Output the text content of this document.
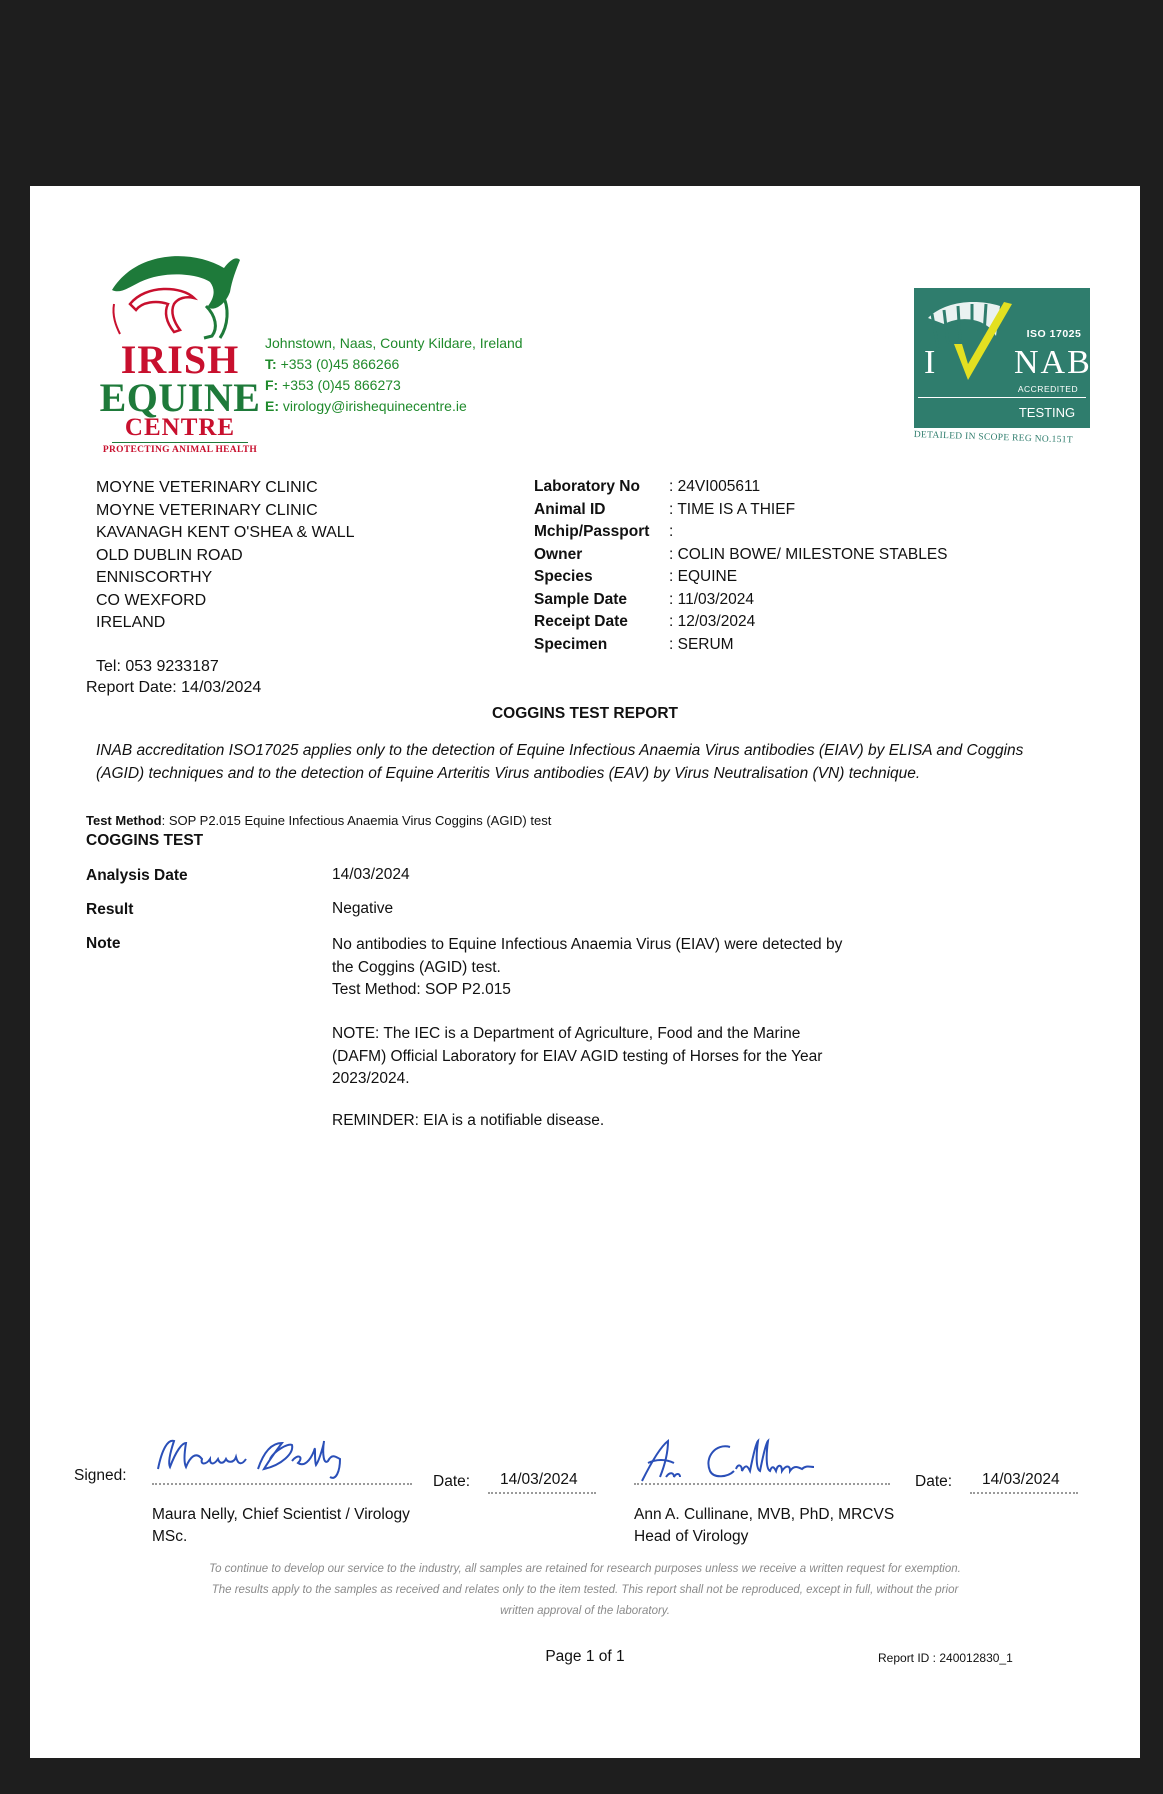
IRISH
EQUINE
CENTRE
PROTECTING ANIMAL HEALTH
Johnstown, Naas, County Kildare, Ireland
T: +353 (0)45 866266
F: +353 (0)45 866273
E: virology@irishequinecentre.ie
ISO 17025
I NAB
ACCREDITED
TESTING
DETAILED IN SCOPE REG NO.151T
MOYNE VETERINARY CLINIC
MOYNE VETERINARY CLINIC
KAVANAGH KENT O'SHEA & WALL
OLD DUBLIN ROAD
ENNISCORTHY
CO WEXFORD
IRELAND
Tel: 053 9233187
Report Date: 14/03/2024
Laboratory No : 24VI005611
Animal ID	: TIME IS A THIEF
Mchip/Passport :
Owner	: COLIN BOWE/ MILESTONE STABLES
Species	: EQUINE
Sample Date	: 11/03/2024
Receipt Date	: 12/03/2024
Specimen	: SERUM
COGGINS TEST REPORT
INAB accreditation ISO17025 applies only to the detection of Equine Infectious Anaemia Virus antibodies (EIAV) by ELISA and Coggins (AGID) techniques and to the detection of Equine Arteritis Virus antibodies (EAV) by Virus Neutralisation (VN) technique.
Test Method: SOP P2.015 Equine Infectious Anaemia Virus Coggins (AGID) test
COGGINS TEST
Analysis Date	14/03/2024
Result	Negative
Note	No antibodies to Equine Infectious Anaemia Virus (EIAV) were detected by
the Coggins (AGID) test.
Test Method: SOP P2.015
NOTE: The IEC is a Department of Agriculture, Food and the Marine
(DAFM) Official Laboratory for EIAV AGID testing of Horses for the Year
2023/2024.
REMINDER: EIA is a notifiable disease.
Signed:	Date: 14/03/2024
Maura Nelly, Chief Scientist / Virology
MSc.
Date: 14/03/2024
Ann A. Cullinane, MVB, PhD, MRCVS
Head of Virology
To continue to develop our service to the industry, all samples are retained for research purposes unless we receive a written request for exemption.
The results apply to the samples as received and relates only to the item tested. This report shall not be reproduced, except in full, without the prior
written approval of the laboratory.
Page 1 of 1	Report ID : 240012830_1
